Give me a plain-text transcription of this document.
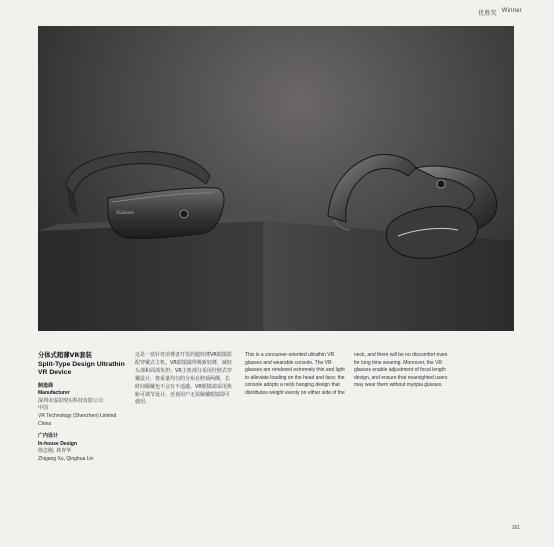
优胜奖 Winner
3Glasses
分体式超薄VR套装
Split-Type Design Ultrathin VR Device
制造商
Manufacturer
深圳市虚拟现实科技有限公司
中国
VR Technology (Shenzhen) Limited
China
广内设计
In-house Design
徐志刚, 林青华
Zhigang Xu, Qinghua Lin
这是一款针对消费者开发的超轻薄VR眼镜搭配穿戴式主机。VR眼镜做得极致轻薄，减轻头部和面部负担；VR主机部分采用挂脖式穿戴设计，将重量均匀的分布在脖颈两侧，长时间佩戴也不会有不适感。VR眼镜端采用焦距可调节设计，近视用户无需佩戴眼镜即可使用。
This is a consumer-oriented ultrathin VR glasses and wearable console. The VR glasses are rendered extremely thin and light to alleviate loading on the head and face; the console adopts a neck hanging design that distributes weight evenly on either side of the
neck, and there will be no discomfort even for long time wearing. Moreover, the VR glasses enable adjustment of focal length design, and ensure that nearsighted users may wear them without myopia glasses.
161
